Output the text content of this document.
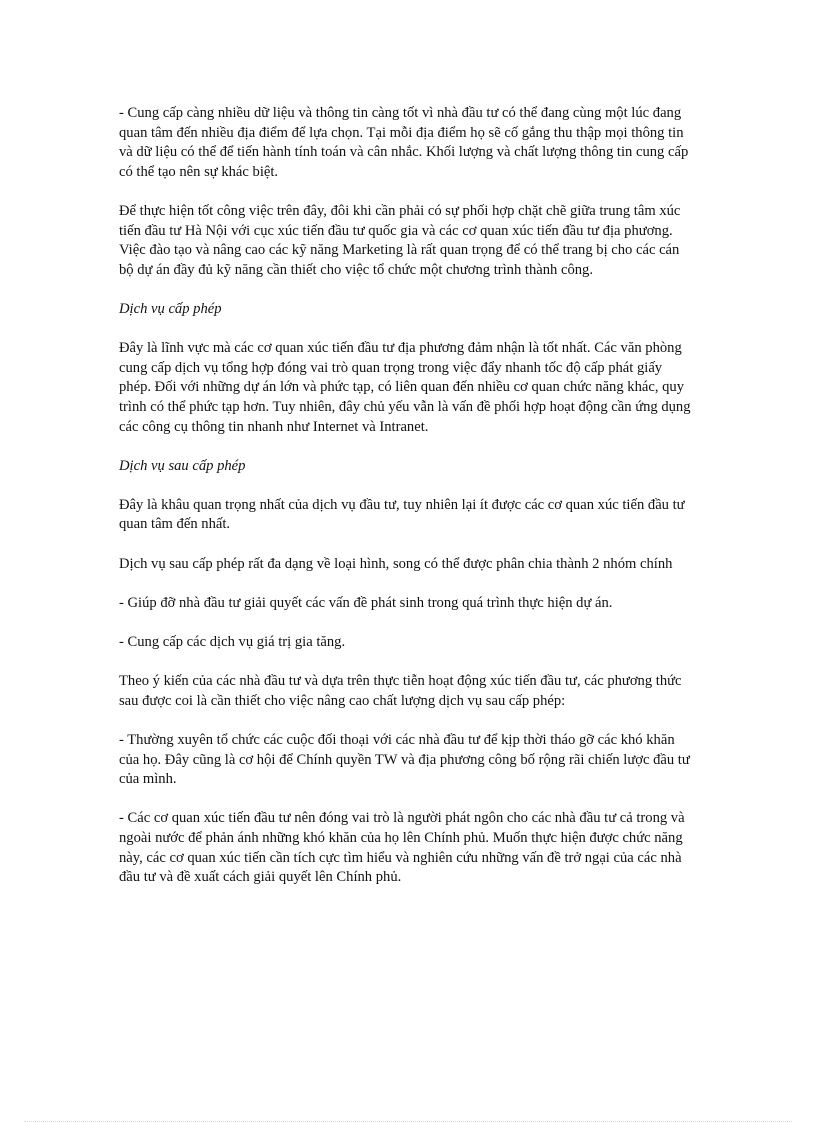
- Cung cấp càng nhiều dữ liệu và thông tin càng tốt vì nhà đầu tư có thể đang cùng một lúc đang quan tâm đến nhiều địa điểm để lựa chọn. Tại mỗi địa điểm họ sẽ cố gắng thu thập mọi thông tin và dữ liệu có thể để tiến hành tính toán và cân nhắc. Khối lượng và chất lượng thông tin cung cấp có thể tạo nên sự khác biệt.

Để thực hiện tốt công việc trên đây, đôi khi cần phải có sự phối hợp chặt chẽ giữa trung tâm xúc tiến đầu tư Hà Nội với cục xúc tiến đầu tư quốc gia và các cơ quan xúc tiến đầu tư địa phương. Việc đào tạo và nâng cao các kỹ năng Marketing là rất quan trọng để có thể trang bị cho các cán bộ dự án đầy đủ kỹ năng cần thiết cho việc tổ chức một chương trình thành công.

Dịch vụ cấp phép

Đây là lĩnh vực mà các cơ quan xúc tiến đầu tư địa phương đảm nhận là tốt nhất. Các văn phòng cung cấp dịch vụ tổng hợp đóng vai trò quan trọng trong việc đẩy nhanh tốc độ cấp phát giấy phép. Đối với những dự án lớn và phức tạp, có liên quan đến nhiều cơ quan chức năng khác, quy trình có thể phức tạp hơn. Tuy nhiên, đây chủ yếu vẫn là vấn đề phối hợp hoạt động cần ứng dụng các công cụ thông tin nhanh như Internet và Intranet.

Dịch vụ sau cấp phép

Đây là khâu quan trọng nhất của dịch vụ đầu tư, tuy nhiên lại ít được các cơ quan xúc tiến đầu tư quan tâm đến nhất.

Dịch vụ sau cấp phép rất đa dạng về loại hình, song có thể được phân chia thành 2 nhóm chính

- Giúp đỡ nhà đầu tư giải quyết các vấn đề phát sinh trong quá trình thực hiện dự án.

- Cung cấp các dịch vụ giá trị gia tăng.

Theo ý kiến của các nhà đầu tư và dựa trên thực tiễn hoạt động xúc tiến đầu tư, các phương thức sau được coi là cần thiết cho việc nâng cao chất lượng dịch vụ sau cấp phép:

- Thường xuyên tổ chức các cuộc đối thoại với các nhà đầu tư để kịp thời tháo gỡ các khó khăn của họ. Đây cũng là cơ hội để Chính quyền TW và địa phương công bố rộng rãi chiến lược đầu tư của mình.

- Các cơ quan xúc tiến đầu tư nên đóng vai trò là người phát ngôn cho các nhà đầu tư cả trong và ngoài nước để phản ánh những khó khăn của họ lên Chính phủ. Muốn thực hiện được chức năng này, các cơ quan xúc tiến cần tích cực tìm hiểu và nghiên cứu những vấn đề trở ngại của các nhà đầu tư và đề xuất cách giải quyết lên Chính phủ.
